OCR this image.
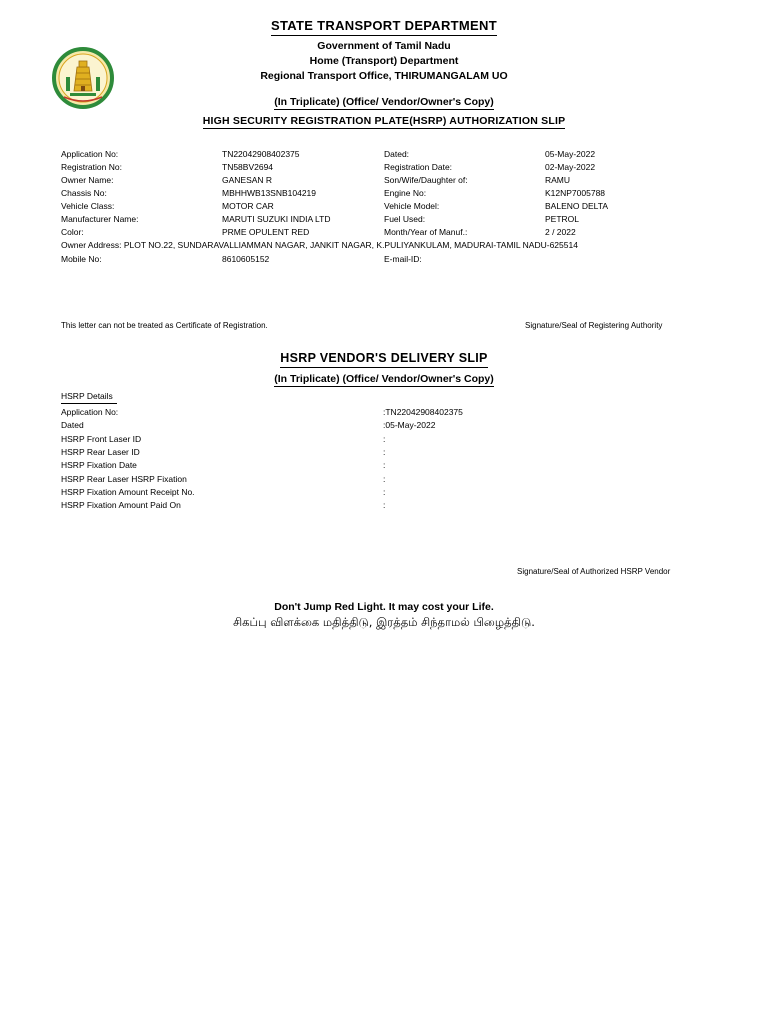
STATE TRANSPORT DEPARTMENT
Government of Tamil Nadu
Home (Transport) Department
Regional Transport Office, THIRUMANGALAM UO
(In Triplicate) (Office/ Vendor/Owner's Copy)
HIGH SECURITY REGISTRATION PLATE(HSRP) AUTHORIZATION SLIP
Application No:	TN22042908402375	Dated:	05-May-2022
Registration No:	TN58BV2694	Registration Date:	02-May-2022
Owner Name:	GANESAN R	Son/Wife/Daughter of:	RAMU
Chassis No:	MBHHWB13SNB104219	Engine No:	K12NP7005788
Vehicle Class:	MOTOR CAR	Vehicle Model:	BALENO DELTA
Manufacturer Name:	MARUTI SUZUKI INDIA LTD	Fuel Used:	PETROL
Color:	PRME OPULENT RED	Month/Year of Manuf.:	2 / 2022
Owner Address: PLOT NO.22, SUNDARAVALLIAMMAN NAGAR, JANKIT NAGAR, K.PULIYANKULAM, MADURAI-TAMIL NADU-625514
Mobile No:	8610605152	E-mail-ID:
This letter can not be treated as Certificate of Registration.	Signature/Seal of Registering Authority
HSRP VENDOR'S DELIVERY SLIP
(In Triplicate) (Office/ Vendor/Owner's Copy)
HSRP Details
Application No:	:TN22042908402375
Dated	:05-May-2022
HSRP Front Laser ID	:
HSRP Rear Laser ID	:
HSRP Fixation Date	:
HSRP Rear Laser HSRP Fixation	:
HSRP Fixation Amount Receipt No.	:
HSRP Fixation Amount Paid On	:
Signature/Seal of Authorized HSRP Vendor
Don't Jump Red Light. It may cost your Life.
சிகப்பு விளக்கை மதித்திடு, இரத்தம் சிந்தாமல் பிழைத்திடு.
